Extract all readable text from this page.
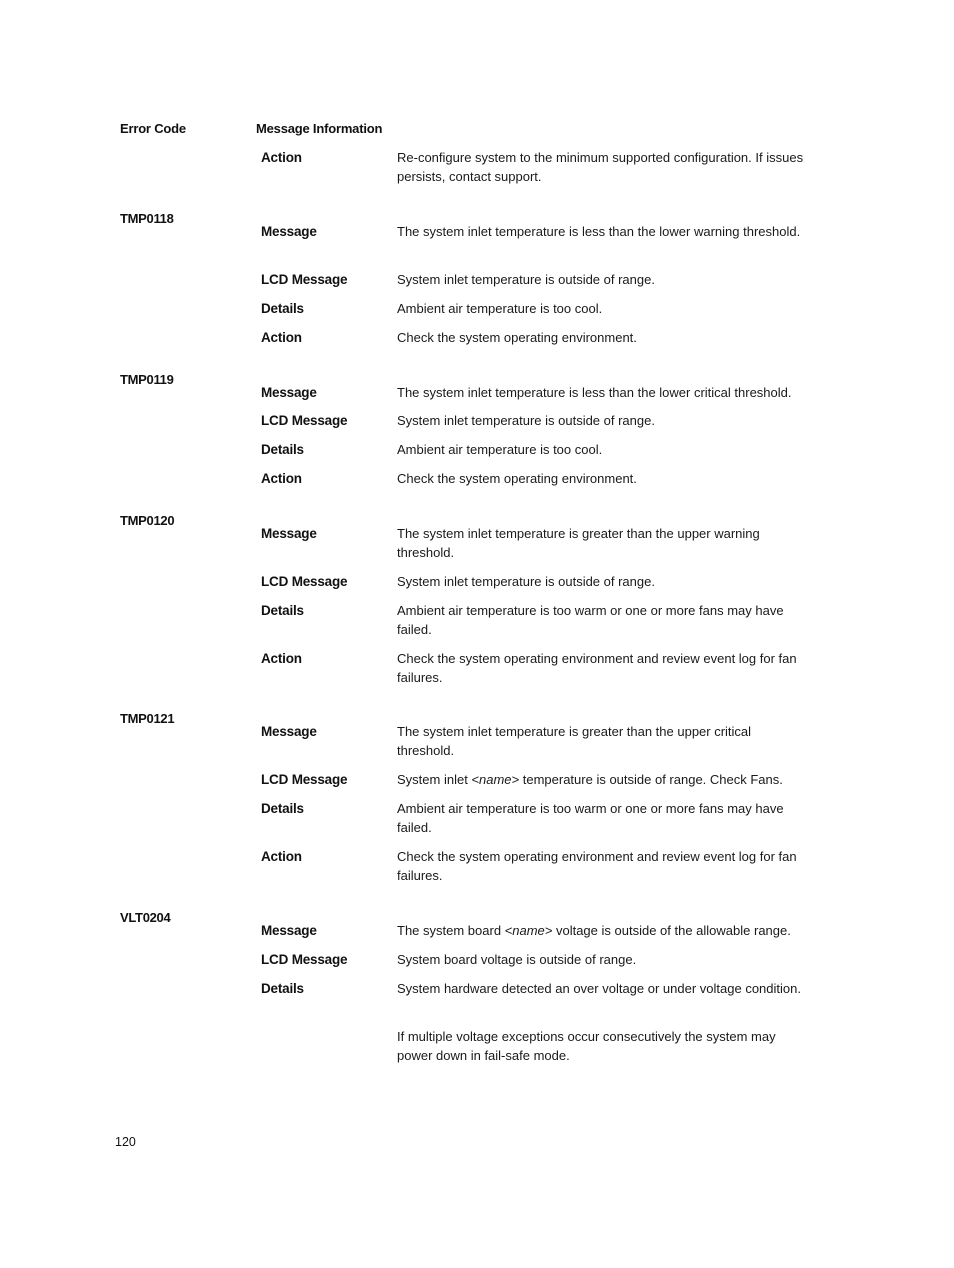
Error Code	Message Information
Action	Re-configure system to the minimum supported configuration. If issues persists, contact support.
TMP0118
Message	The system inlet temperature is less than the lower warning threshold.
LCD Message	System inlet temperature is outside of range.
Details	Ambient air temperature is too cool.
Action	Check the system operating environment.
TMP0119
Message	The system inlet temperature is less than the lower critical threshold.
LCD Message	System inlet temperature is outside of range.
Details	Ambient air temperature is too cool.
Action	Check the system operating environment.
TMP0120
Message	The system inlet temperature is greater than the upper warning threshold.
LCD Message	System inlet temperature is outside of range.
Details	Ambient air temperature is too warm or one or more fans may have failed.
Action	Check the system operating environment and review event log for fan failures.
TMP0121
Message	The system inlet temperature is greater than the upper critical threshold.
LCD Message	System inlet <name> temperature is outside of range. Check Fans.
Details	Ambient air temperature is too warm or one or more fans may have failed.
Action	Check the system operating environment and review event log for fan failures.
VLT0204
Message	The system board <name> voltage is outside of the allowable range.
LCD Message	System board voltage is outside of range.
Details	System hardware detected an over voltage or under voltage condition.
If multiple voltage exceptions occur consecutively the system may power down in fail-safe mode.
120
